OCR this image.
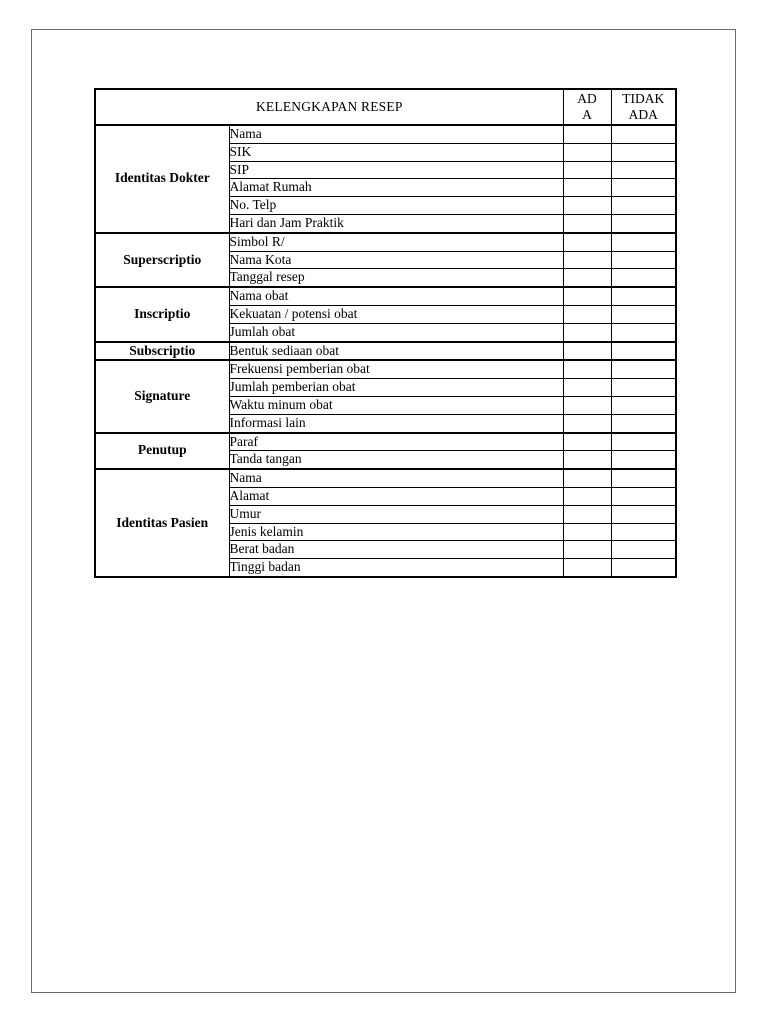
KELENGKAPAN RESEP		AD A	TIDAK ADA

Identitas Dokter	Nama		
	SIK		
	SIP		
	Alamat Rumah		
	No. Telp		
	Hari dan Jam Praktik		
Superscriptio	Simbol R/		
	Nama Kota		
	Tanggal resep		
Inscriptio	Nama obat		
	Kekuatan / potensi obat		
	Jumlah obat		
Subscriptio	Bentuk sediaan obat		
Signature	Frekuensi pemberian obat		
	Jumlah pemberian obat		
	Waktu minum obat		
	Informasi lain		
Penutup	Paraf		
	Tanda tangan		
Identitas Pasien	Nama		
	Alamat		
	Umur		
	Jenis kelamin		
	Berat badan		
	Tinggi badan		
